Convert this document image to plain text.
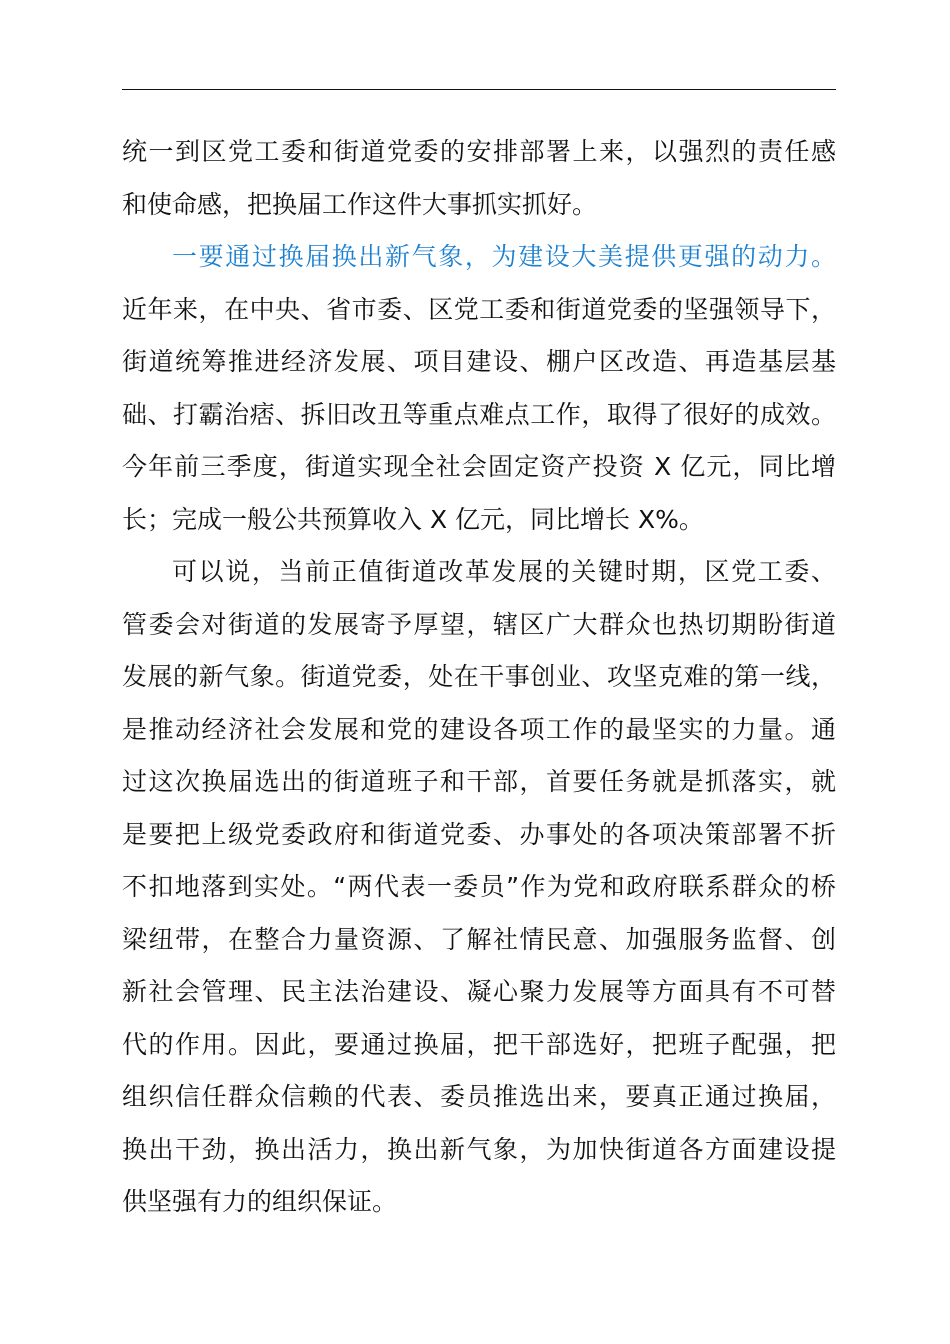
统一到区党工委和街道党委的安排部署上来，以强烈的责任感
和使命感，把换届工作这件大事抓实抓好。
一要通过换届换出新气象，为建设大美提供更强的动力。
近年来，在中央、省市委、区党工委和街道党委的坚强领导下，
街道统筹推进经济发展、项目建设、棚户区改造、再造基层基
础、打霸治痞、拆旧改丑等重点难点工作，取得了很好的成效。
今年前三季度，街道实现全社会固定资产投资 X 亿元，同比增
长；完成一般公共预算收入 X 亿元，同比增长 X%。
可以说，当前正值街道改革发展的关键时期，区党工委、
管委会对街道的发展寄予厚望，辖区广大群众也热切期盼街道
发展的新气象。街道党委，处在干事创业、攻坚克难的第一线，
是推动经济社会发展和党的建设各项工作的最坚实的力量。通
过这次换届选出的街道班子和干部，首要任务就是抓落实，就
是要把上级党委政府和街道党委、办事处的各项决策部署不折
不扣地落到实处。“两代表一委员”作为党和政府联系群众的桥
梁纽带，在整合力量资源、了解社情民意、加强服务监督、创
新社会管理、民主法治建设、凝心聚力发展等方面具有不可替
代的作用。因此，要通过换届，把干部选好，把班子配强，把
组织信任群众信赖的代表、委员推选出来，要真正通过换届，
换出干劲，换出活力，换出新气象，为加快街道各方面建设提
供坚强有力的组织保证。
